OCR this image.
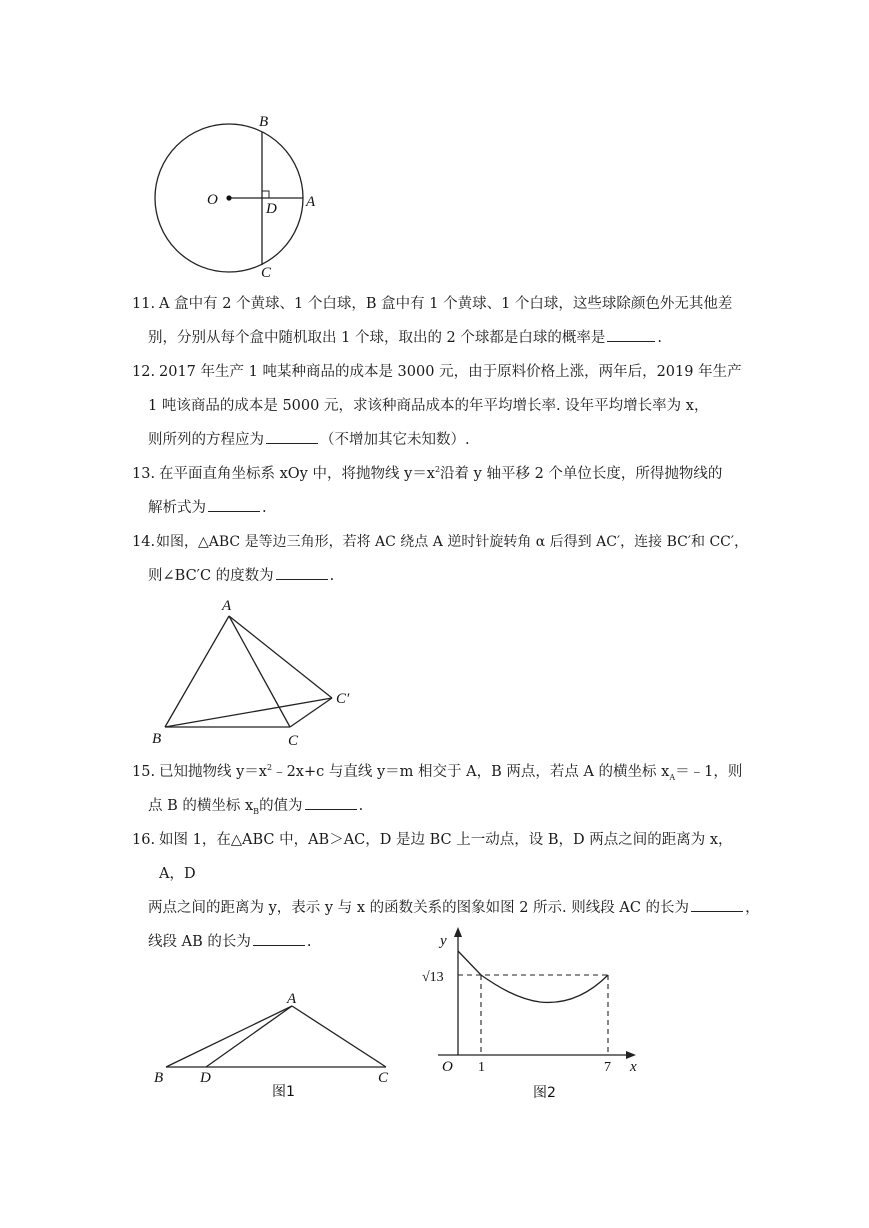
B
O
D A
C
11. A 盒中有 2 个黄球、1 个白球，B 盒中有 1 个黄球、1 个白球，这些球除颜色外无其他差
别，分别从每个盒中随机取出 1 个球，取出的 2 个球都是白球的概率是	.
12. 2017 年生产 1 吨某种商品的成本是 3000 元，由于原料价格上涨，两年后，2019 年生产
1 吨该商品的成本是 5000 元，求该种商品成本的年平均增长率. 设年平均增长率为 x，
则所列的方程应为	（不增加其它未知数）.
13. 在平面直角坐标系 xOy 中，将抛物线 $y=x^2$沿着 y 轴平移 2 个单位长度，所得抛物线的
解析式为	.
14. 如图，△ABC 是等边三角形，若将 AC 绕点 A 逆时针旋转角 α 后得到 AC′，连接 BC′和 CC′，
则∠BC′C 的度数为	.
A
B	C
C′
15. 已知抛物线 $y=x^2﹣2x+c$ 与直线 y＝m 相交于 A，B 两点，若点 A 的横坐标 $x_A=﹣1$，则
点 B 的横坐标 $x_B$的值为	.
16. 如图 1，在△ABC 中，AB＞AC，D 是边 BC 上一动点，设 B，D 两点之间的距离为 x，A，D
两点之间的距离为 y，表示 y 与 x 的函数关系的图象如图 2 所示. 则线段 AC 的长为	，
线段 AB 的长为	.
A
B D	C
图1
y
√13
O 1	7 x
图2
